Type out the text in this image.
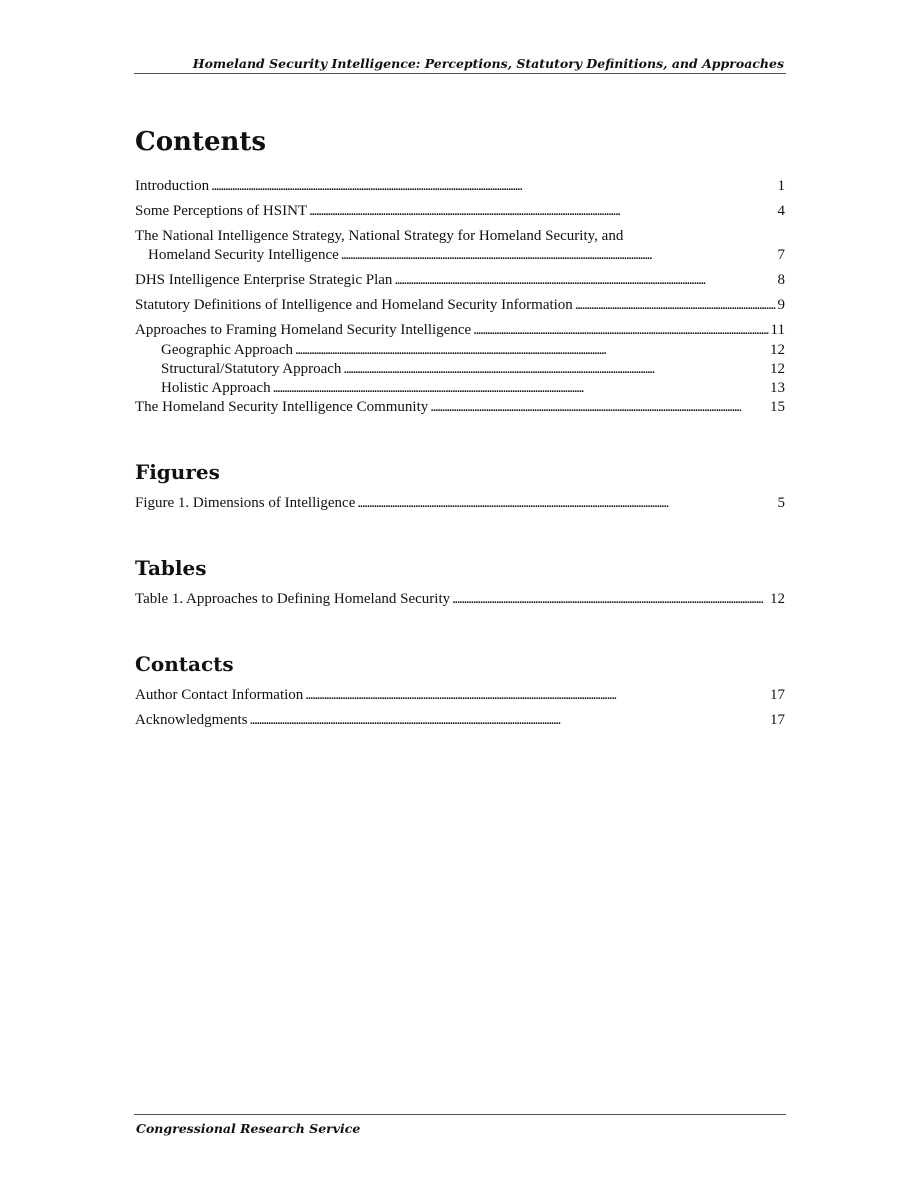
Homeland Security Intelligence: Perceptions, Statutory Definitions, and Approaches
Contents
Introduction . . .	1
Some Perceptions of HSINT . . .	4
The National Intelligence Strategy, National Strategy for Homeland Security, and
Homeland Security Intelligence . . .	7
DHS Intelligence Enterprise Strategic Plan . . .	8
Statutory Definitions of Intelligence and Homeland Security Information . . .	9
Approaches to Framing Homeland Security Intelligence . . .	11
Geographic Approach . . .	12
Structural/Statutory Approach . . .	12
Holistic Approach . . .	13
The Homeland Security Intelligence Community . . .	15
Figures
Figure 1. Dimensions of Intelligence . . .	5
Tables
Table 1. Approaches to Defining Homeland Security . . .	12
Contacts
Author Contact Information . . .	17
Acknowledgments . . .	17
Congressional Research Service
